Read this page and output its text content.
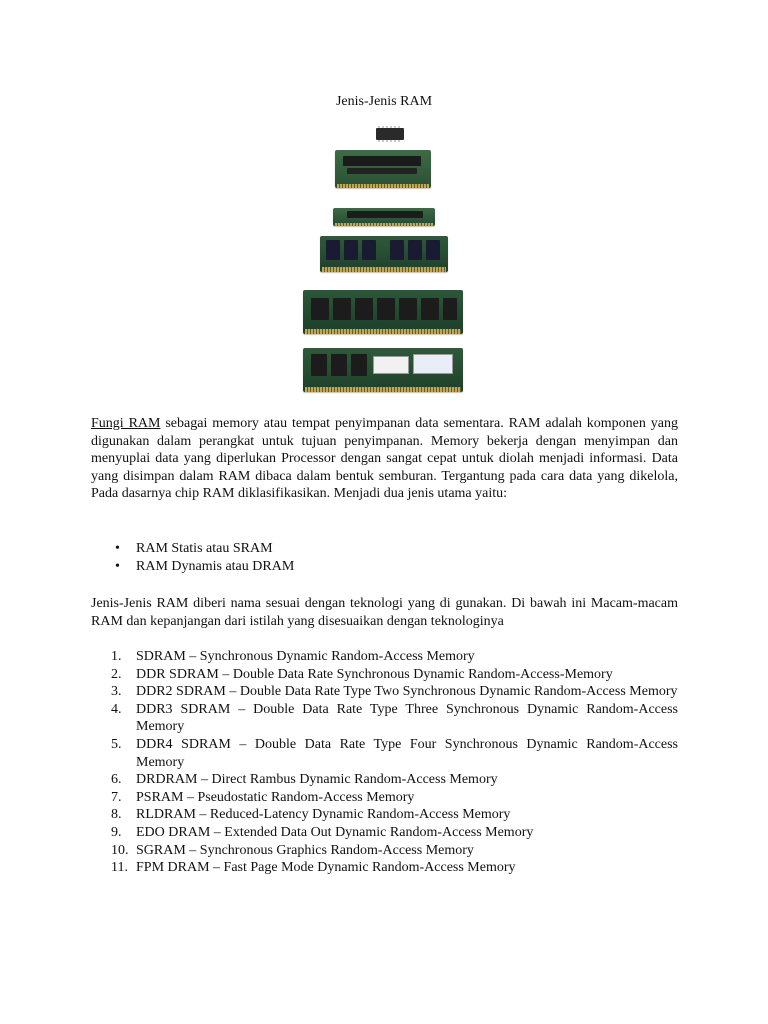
Jenis-Jenis RAM

Fungi RAM sebagai memory atau tempat penyimpanan data sementara. RAM adalah komponen yang digunakan dalam perangkat untuk tujuan penyimpanan. Memory bekerja dengan menyimpan dan menyuplai data yang diperlukan Processor dengan sangat cepat untuk diolah menjadi informasi. Data yang disimpan dalam RAM dibaca dalam bentuk semburan. Tergantung pada cara data yang dikelola, Pada dasarnya chip RAM diklasifikasikan. Menjadi dua jenis utama yaitu:

• RAM Statis atau SRAM
• RAM Dynamis atau DRAM

Jenis-Jenis RAM diberi nama sesuai dengan teknologi yang di gunakan. Di bawah ini Macam-macam RAM dan kepanjangan dari istilah yang disesuaikan dengan teknologinya

1.	SDRAM – Synchronous Dynamic Random-Access Memory
2.	DDR SDRAM – Double Data Rate Synchronous Dynamic Random-Access-Memory
3.	DDR2 SDRAM – Double Data Rate Type Two Synchronous Dynamic Random-Access Memory
4.	DDR3 SDRAM – Double Data Rate Type Three Synchronous Dynamic Random-Access Memory
5.	DDR4 SDRAM – Double Data Rate Type Four Synchronous Dynamic Random-Access Memory
6.	DRDRAM – Direct Rambus Dynamic Random-Access Memory
7.	PSRAM – Pseudostatic Random-Access Memory
8.	RLDRAM – Reduced-Latency Dynamic Random-Access Memory
9.	EDO DRAM – Extended Data Out Dynamic Random-Access Memory
10. SGRAM – Synchronous Graphics Random-Access Memory
11. FPM DRAM – Fast Page Mode Dynamic Random-Access Memory
